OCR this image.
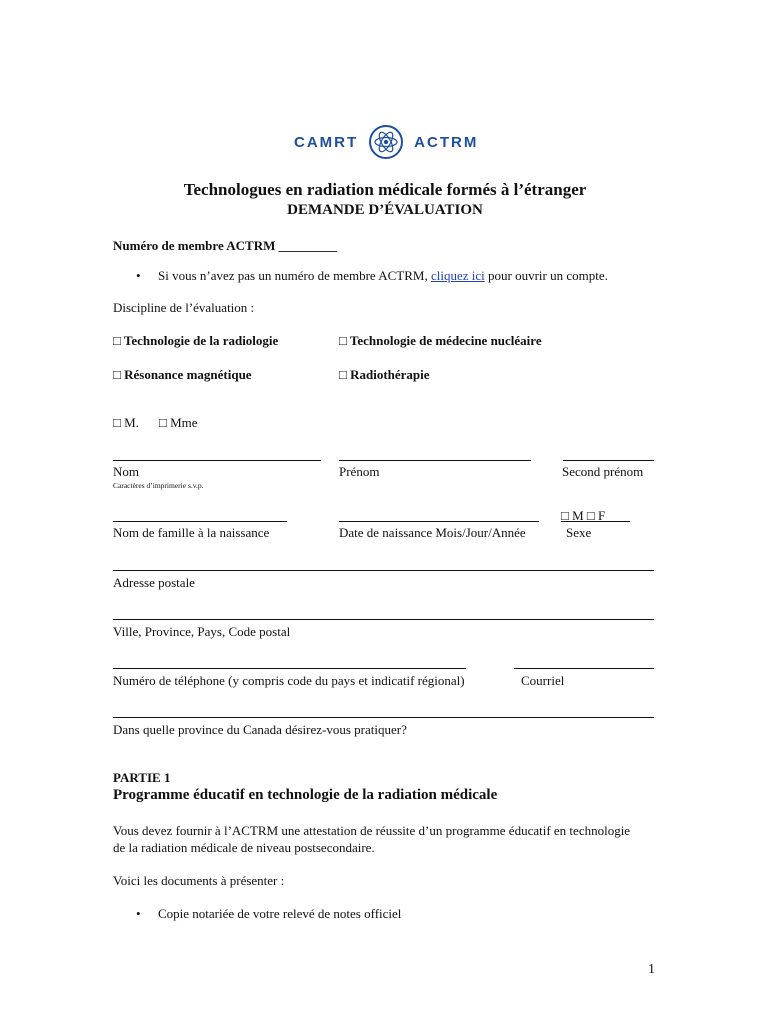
CAMRT	ACTRM
Technologues en radiation médicale formés à l’étranger
DEMANDE D’ÉVALUATION
Numéro de membre ACTRM _________
• Si vous n’avez pas un numéro de membre ACTRM, cliquez ici pour ouvrir un compte.
Discipline de l’évaluation :
□ Technologie de la radiologie	□ Technologie de médecine nucléaire
□ Résonance magnétique	□ Radiothérapie
□ M. □ Mme
Nom	Prénom	Second prénom
Caractères d’imprimerie s.v.p.
□ M □ F
Nom de famille à la naissance	Date de naissance Mois/Jour/Année	Sexe
Adresse postale
Ville, Province, Pays, Code postal
Numéro de téléphone (y compris code du pays et indicatif régional)	Courriel
Dans quelle province du Canada désirez-vous pratiquer?
PARTIE 1
Programme éducatif en technologie de la radiation médicale
Vous devez fournir à l’ACTRM une attestation de réussite d’un programme éducatif en technologie
de la radiation médicale de niveau postsecondaire.
Voici les documents à présenter :
• Copie notariée de votre relevé de notes officiel
1
